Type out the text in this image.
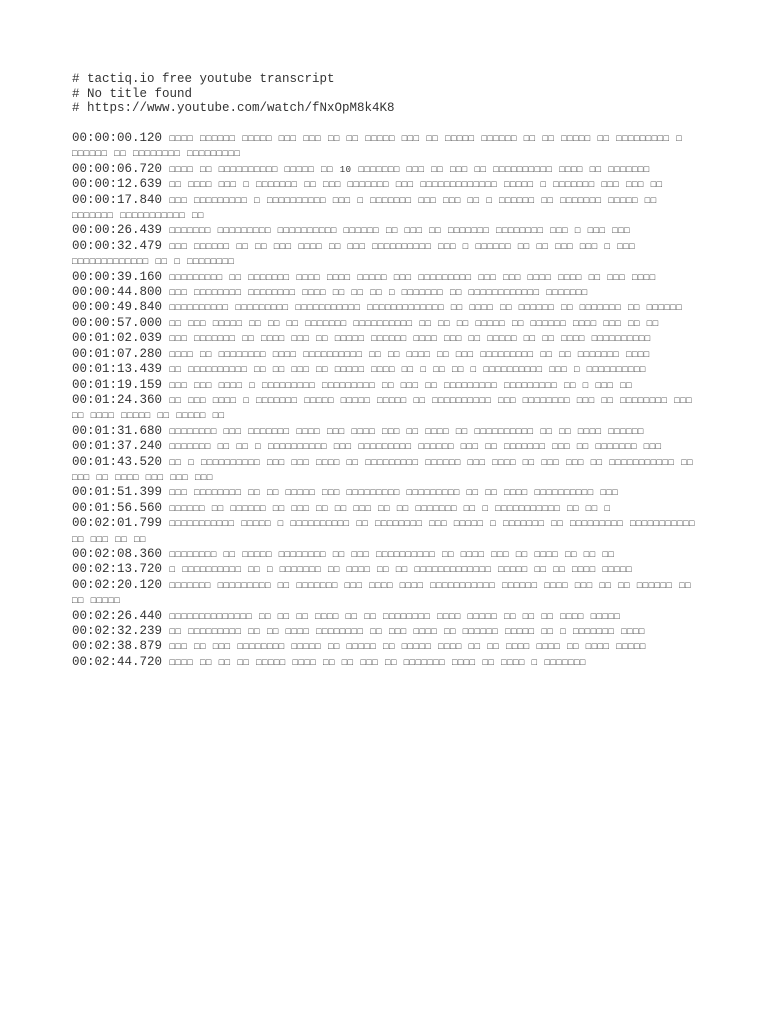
# tactiq.io free youtube transcript
# No title found
# https://www.youtube.com/watch/fNxOpM8k4K8
00:00:00.120 □□□□ □□□□□□ □□□□□ □□□ □□□ □□ □□ □□□□□ □□□ □□ □□□□□ □□□□□□ □□ □□ □□□□□ □□ □□□□□□□□□ □ □□□□□□ □□ □□□□□□□□ □□□□□□□□□
00:00:06.720 □□□□ □□ □□□□□□□□□□ □□□□□ □□ 10 □□□□□□□ □□□ □□ □□□ □□ □□□□□□□□□□ □□□□ □□ □□□□□□□
00:00:12.639 □□ □□□□ □□□ □ □□□□□□□ □□ □□□ □□□□□□□ □□□ □□□□□□□□□□□□□ □□□□□ □ □□□□□□□ □□□ □□□ □□
00:00:17.840 □□□ □□□□□□□□□ □ □□□□□□□□□□ □□□ □ □□□□□□□ □□□ □□□ □□ □ □□□□□□ □□ □□□□□□□ □□□□□ □□ □□□□□□□ □□□□□□□□□□□ □□
00:00:26.439 □□□□□□□ □□□□□□□□□ □□□□□□□□□□ □□□□□□ □□ □□□ □□ □□□□□□□ □□□□□□□□ □□□ □ □□□ □□□
00:00:32.479 □□□ □□□□□□ □□ □□ □□□ □□□□ □□ □□□ □□□□□□□□□□ □□□ □ □□□□□□ □□ □□ □□□ □□□ □ □□□ □□□□□□□□□□□□□ □□ □ □□□□□□□□
00:00:39.160 □□□□□□□□□ □□ □□□□□□□ □□□□ □□□□ □□□□□ □□□ □□□□□□□□□ □□□ □□□ □□□□ □□□□ □□ □□□ □□□□
00:00:44.800 □□□ □□□□□□□□ □□□□□□□□ □□□□ □□ □□ □□ □ □□□□□□□ □□ □□□□□□□□□□□□ □□□□□□□
00:00:49.840 □□□□□□□□□□ □□□□□□□□□ □□□□□□□□□□□ □□□□□□□□□□□□□ □□ □□□□ □□ □□□□□□ □□ □□□□□□□ □□ □□□□□□
00:00:57.000 □□ □□□ □□□□□ □□ □□ □□ □□□□□□□ □□□□□□□□□□ □□ □□ □□ □□□□□ □□ □□□□□□ □□□□ □□□ □□ □□
00:01:02.039 □□□ □□□□□□□ □□ □□□□ □□□ □□ □□□□□ □□□□□□ □□□□ □□□ □□ □□□□□ □□ □□ □□□□ □□□□□□□□□□
00:01:07.280 □□□□ □□ □□□□□□□□ □□□□ □□□□□□□□□□ □□ □□ □□□□ □□ □□□ □□□□□□□□□ □□ □□ □□□□□□□ □□□□
00:01:13.439 □□ □□□□□□□□□□ □□ □□ □□□ □□ □□□□□ □□□□ □□ □ □□ □□ □ □□□□□□□□□□ □□□ □ □□□□□□□□□□
00:01:19.159 □□□ □□□ □□□□ □ □□□□□□□□□ □□□□□□□□□ □□ □□□ □□ □□□□□□□□□ □□□□□□□□□ □□ □ □□□ □□
00:01:24.360 □□ □□□ □□□□ □ □□□□□□□ □□□□□ □□□□□ □□□□□ □□ □□□□□□□□□□ □□□ □□□□□□□□ □□□ □□ □□□□□□□□ □□□ □□ □□□□ □□□□□ □□ □□□□□ □□
00:01:31.680 □□□□□□□□ □□□ □□□□□□□ □□□□ □□□ □□□□ □□□ □□ □□□□ □□ □□□□□□□□□□ □□ □□ □□□□ □□□□□□
00:01:37.240 □□□□□□□ □□ □□ □ □□□□□□□□□□ □□□ □□□□□□□□□ □□□□□□ □□□ □□ □□□□□□□ □□□ □□ □□□□□□□ □□□
00:01:43.520 □□ □ □□□□□□□□□□ □□□ □□□ □□□□ □□ □□□□□□□□□ □□□□□□ □□□ □□□□ □□ □□□ □□□ □□ □□□□□□□□□□□ □□ □□□ □□ □□□□ □□□ □□□ □□□
00:01:51.399 □□□ □□□□□□□□ □□ □□ □□□□□ □□□ □□□□□□□□□ □□□□□□□□□ □□ □□ □□□□ □□□□□□□□□□ □□□
00:01:56.560 □□□□□□ □□ □□□□□□ □□ □□□ □□ □□ □□□ □□ □□ □□□□□□□ □□ □ □□□□□□□□□□□ □□ □□ □
00:02:01.799 □□□□□□□□□□□ □□□□□ □ □□□□□□□□□□ □□ □□□□□□□□ □□□ □□□□□ □ □□□□□□□ □□ □□□□□□□□□ □□□□□□□□□□□ □□ □□□ □□ □□
00:02:08.360 □□□□□□□□ □□ □□□□□ □□□□□□□□ □□ □□□ □□□□□□□□□□ □□ □□□□ □□□ □□ □□□□ □□ □□ □□
00:02:13.720 □ □□□□□□□□□□ □□ □ □□□□□□□ □□ □□□□ □□ □□ □□□□□□□□□□□□□ □□□□□ □□ □□ □□□□ □□□□□
00:02:20.120 □□□□□□□ □□□□□□□□□ □□ □□□□□□□ □□□ □□□□ □□□□ □□□□□□□□□□□ □□□□□□ □□□□ □□□ □□ □□ □□□□□□ □□ □□ □□□□□
00:02:26.440 □□□□□□□□□□□□□□ □□ □□ □□ □□□□ □□ □□ □□□□□□□□ □□□□ □□□□□ □□ □□ □□ □□□□ □□□□□
00:02:32.239 □□ □□□□□□□□□ □□ □□ □□□□ □□□□□□□□ □□ □□□ □□□□ □□ □□□□□□ □□□□□ □□ □ □□□□□□□ □□□□
00:02:38.879 □□□ □□ □□□ □□□□□□□□ □□□□□ □□ □□□□□ □□ □□□□□ □□□□ □□ □□ □□□□ □□□□ □□ □□□□ □□□□□
00:02:44.720 □□□□ □□ □□ □□ □□□□□ □□□□ □□ □□ □□□ □□ □□□□□□□ □□□□ □□ □□□□ □ □□□□□□□
